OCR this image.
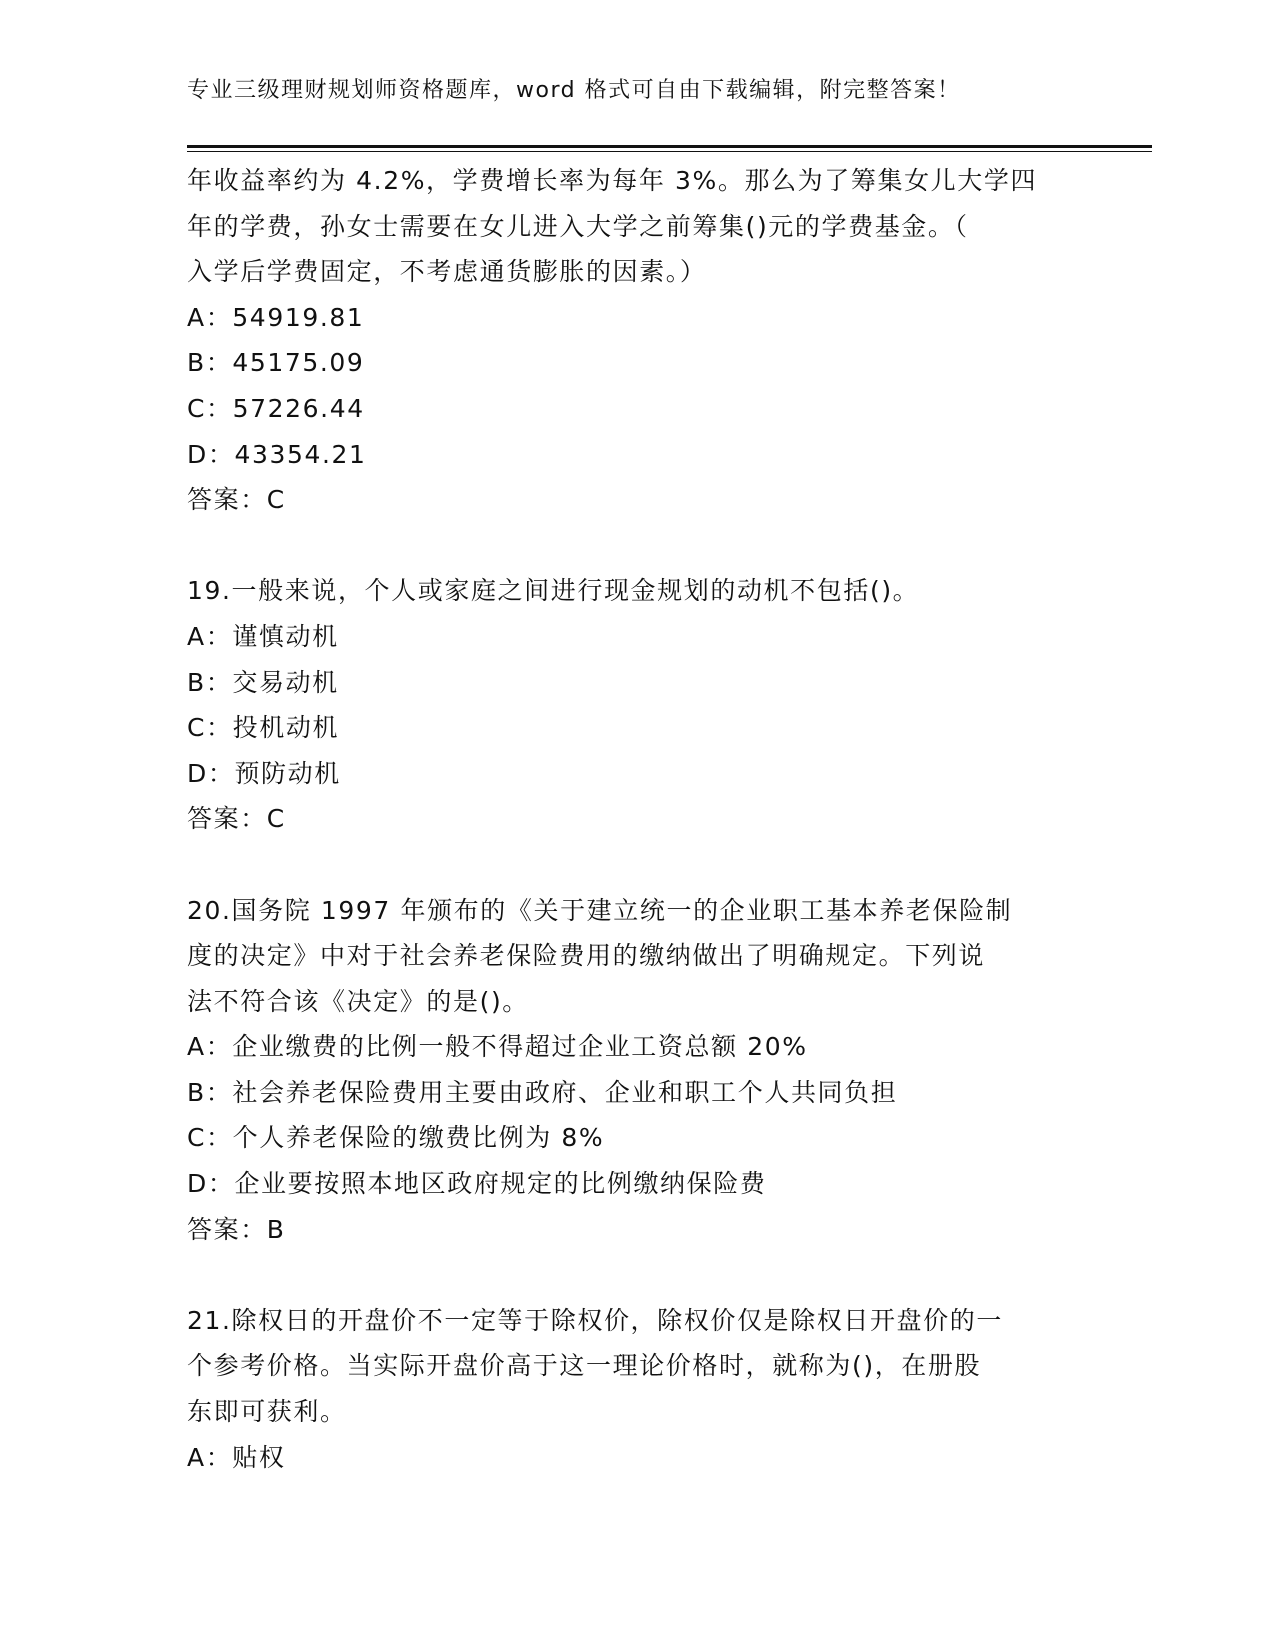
专业三级理财规划师资格题库，word 格式可自由下载编辑，附完整答案！
年收益率约为 4.2%，学费增长率为每年 3%。那么为了筹集女儿大学四
年的学费，孙女士需要在女儿进入大学之前筹集()元的学费基金。（
入学后学费固定，不考虑通货膨胀的因素。）
A：54919.81
B：45175.09
C：57226.44
D：43354.21
答案：C
19.一般来说，个人或家庭之间进行现金规划的动机不包括()。
A：谨慎动机
B：交易动机
C：投机动机
D：预防动机
答案：C
20.国务院 1997 年颁布的《关于建立统一的企业职工基本养老保险制
度的决定》中对于社会养老保险费用的缴纳做出了明确规定。下列说
法不符合该《决定》的是()。
A：企业缴费的比例一般不得超过企业工资总额 20%
B：社会养老保险费用主要由政府、企业和职工个人共同负担
C：个人养老保险的缴费比例为 8%
D：企业要按照本地区政府规定的比例缴纳保险费
答案：B
21.除权日的开盘价不一定等于除权价，除权价仅是除权日开盘价的一
个参考价格。当实际开盘价高于这一理论价格时，就称为()，在册股
东即可获利。
A：贴权
